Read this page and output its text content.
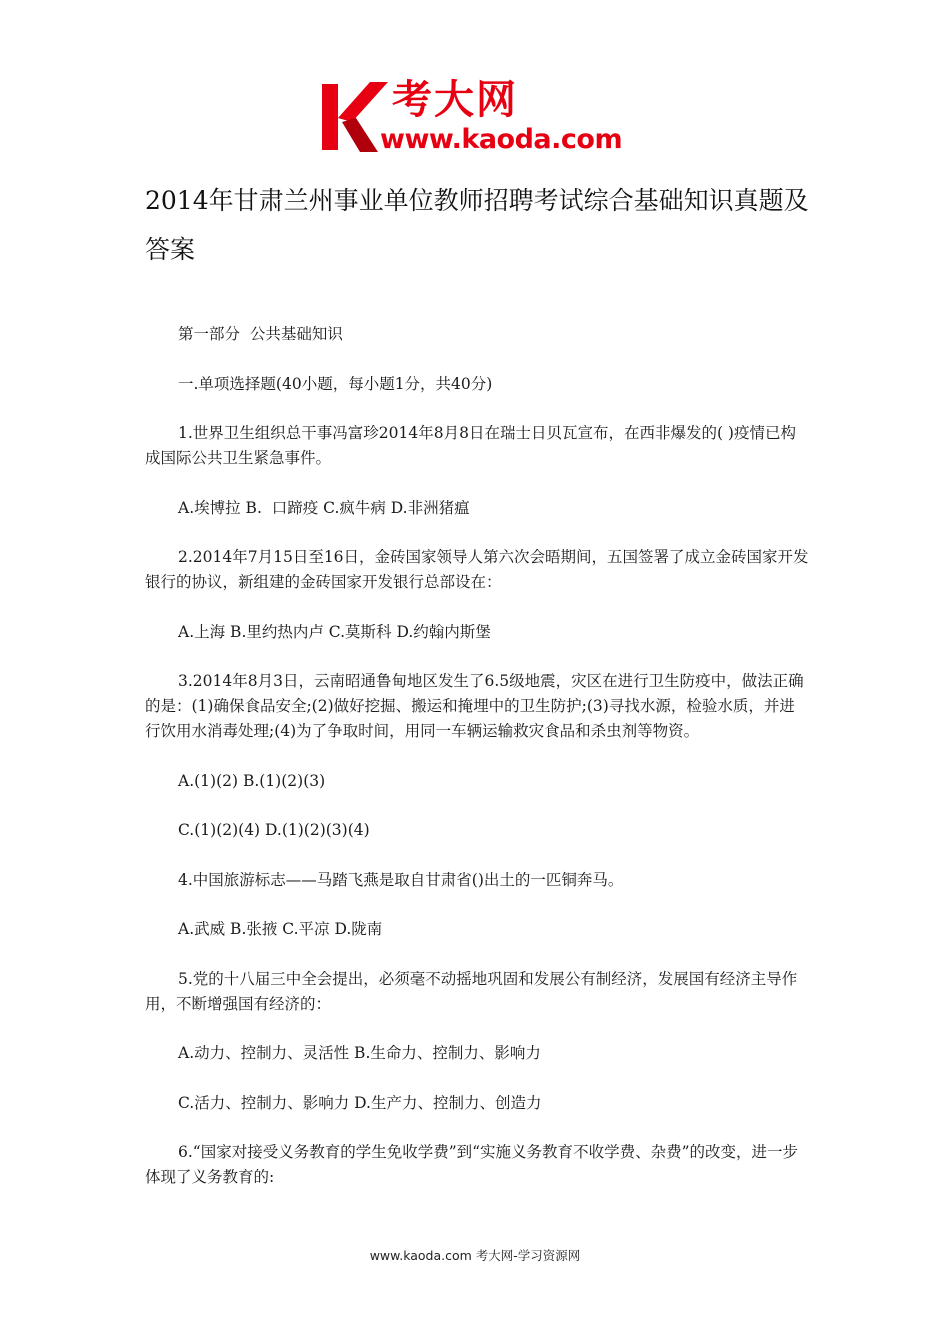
考大网
www.kaoda.com
2014年甘肃兰州事业单位教师招聘考试综合基础知识真题及答案

第一部分  公共基础知识

一.单项选择题(40小题，每小题1分，共40分)

1.世界卫生组织总干事冯富珍2014年8月8日在瑞士日贝瓦宣布，在西非爆发的( )疫情已构成国际公共卫生紧急事件。

A.埃博拉 B.  口蹄疫 C.疯牛病 D.非洲猪瘟

2.2014年7月15日至16日，金砖国家领导人第六次会晤期间，五国签署了成立金砖国家开发银行的协议，新组建的金砖国家开发银行总部设在：

A.上海 B.里约热内卢 C.莫斯科 D.约翰内斯堡

3.2014年8月3日，云南昭通鲁甸地区发生了6.5级地震，灾区在进行卫生防疫中，做法正确的是：(1)确保食品安全;(2)做好挖掘、搬运和掩埋中的卫生防护;(3)寻找水源，检验水质，并进行饮用水消毒处理;(4)为了争取时间，用同一车辆运输救灾食品和杀虫剂等物资。

A.(1)(2) B.(1)(2)(3)

C.(1)(2)(4) D.(1)(2)(3)(4)

4.中国旅游标志——马踏飞燕是取自甘肃省()出土的一匹铜奔马。

A.武威 B.张掖 C.平凉 D.陇南

5.党的十八届三中全会提出，必须毫不动摇地巩固和发展公有制经济，发展国有经济主导作用，不断增强国有经济的：

A.动力、控制力、灵活性 B.生命力、控制力、影响力

C.活力、控制力、影响力 D.生产力、控制力、创造力

6.“国家对接受义务教育的学生免收学费”到“实施义务教育不收学费、杂费”的改变，进一步体现了义务教育的:

www.kaoda.com 考大网-学习资源网
